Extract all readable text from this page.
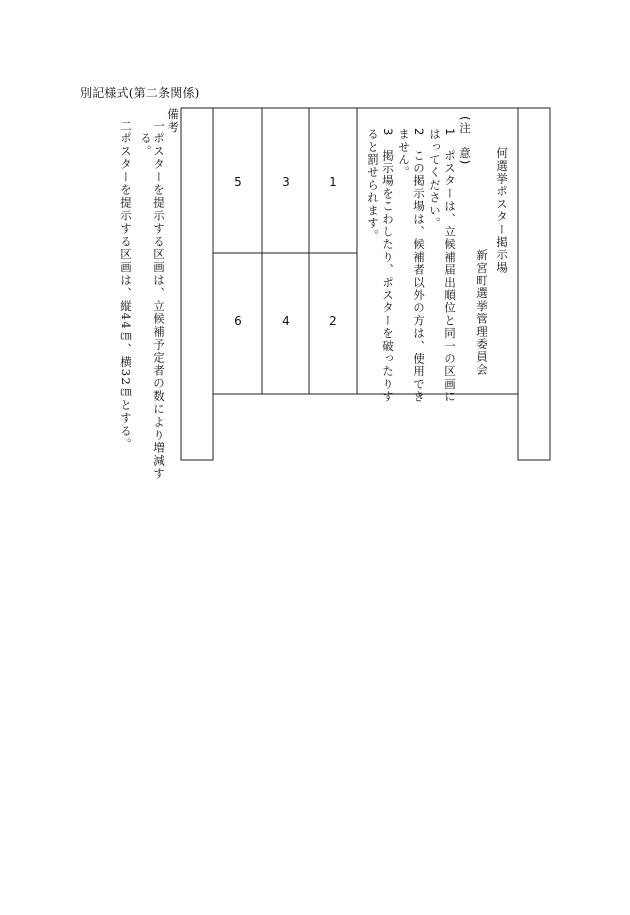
別記様式(第二条関係)
備考
一
ポスターを提示する区画は、立候補予定者の数により増減す
る。
二
ポスターを提示する区画は、縦44㎝、横32㎝とする。	1
2
3
4
5
6
何選挙ポスター掲示場
新宮町選挙管理委員会
(注　意)
1　ポスターは、立候補届出順位と同一の区画に
はってください。
2　この掲示場は、候補者以外の方は、使用でき
ません。
3　掲示場をこわしたり、ポスターを破ったりす
ると罰せられます。
